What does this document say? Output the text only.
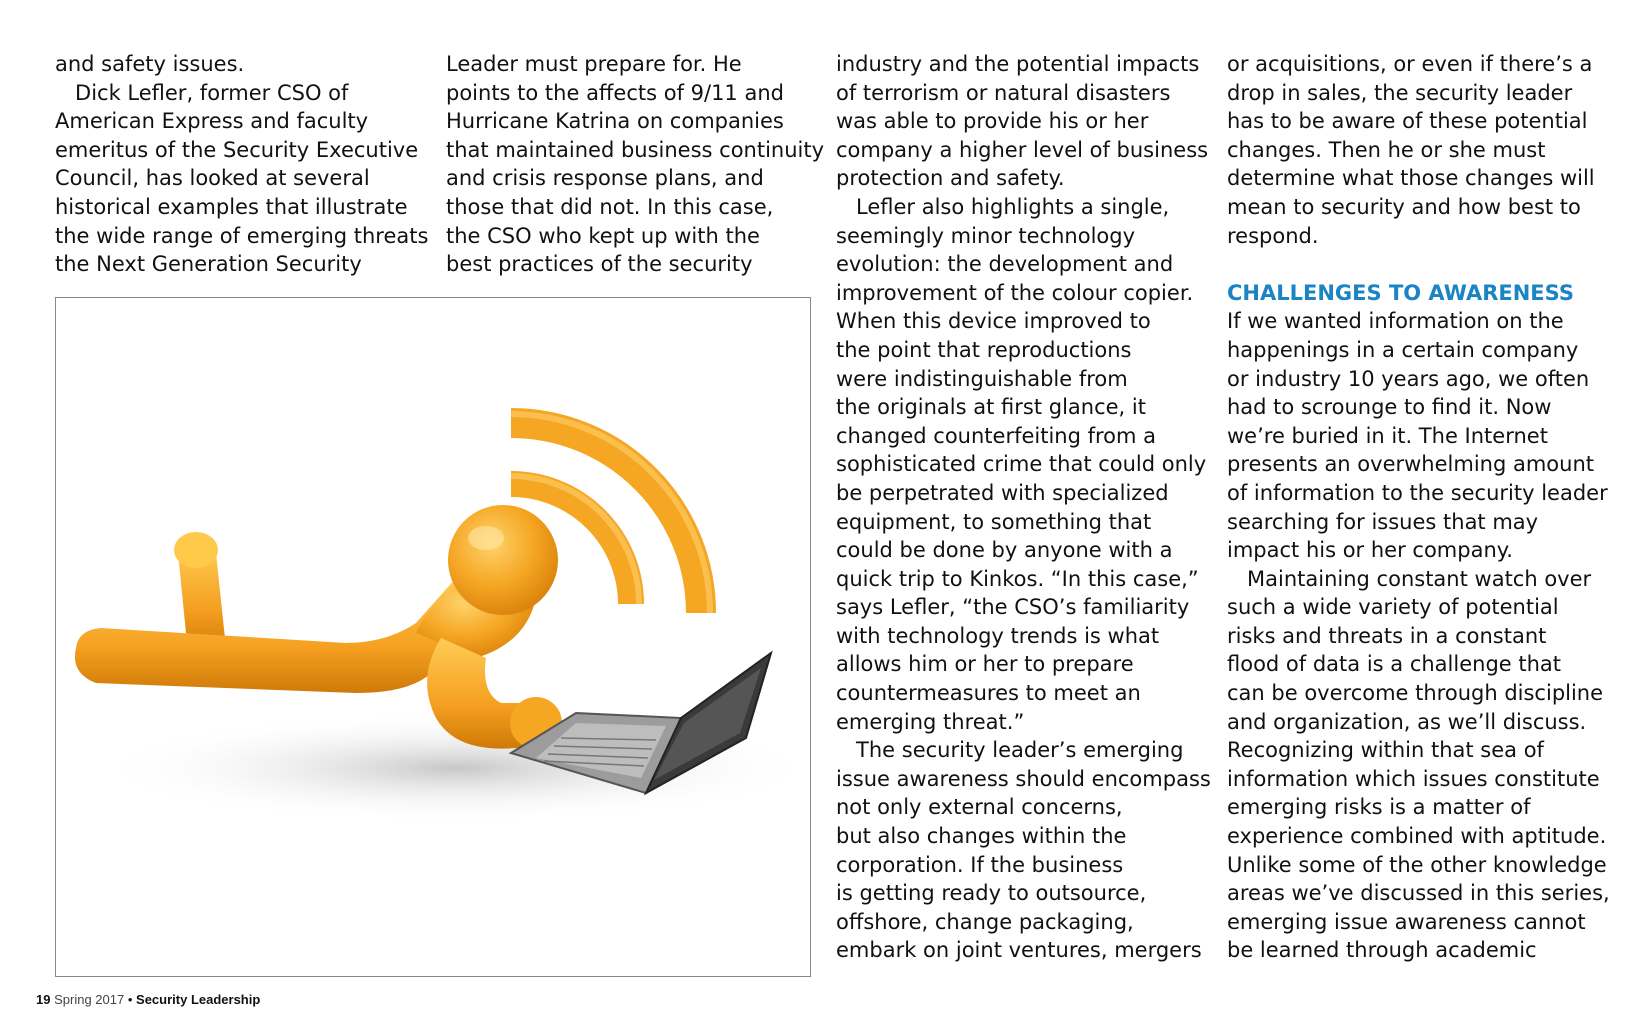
and safety issues.
Dick Lefler, former CSO of
American Express and faculty
emeritus of the Security Executive
Council, has looked at several
historical examples that illustrate
the wide range of emerging threats
the Next Generation Security
Leader must prepare for. He
points to the affects of 9/11 and
Hurricane Katrina on companies
that maintained business continuity
and crisis response plans, and
those that did not. In this case,
the CSO who kept up with the
best practices of the security
industry and the potential impacts
of terrorism or natural disasters
was able to provide his or her
company a higher level of business
protection and safety.
Lefler also highlights a single,
seemingly minor technology
evolution: the development and
improvement of the colour copier.
When this device improved to
the point that reproductions
were indistinguishable from
the originals at first glance, it
changed counterfeiting from a
sophisticated crime that could only
be perpetrated with specialized
equipment, to something that
could be done by anyone with a
quick trip to Kinkos. “In this case,”
says Lefler, “the CSO’s familiarity
with technology trends is what
allows him or her to prepare
countermeasures to meet an
emerging threat.”
The security leader’s emerging
issue awareness should encompass
not only external concerns,
but also changes within the
corporation. If the business
is getting ready to outsource,
offshore, change packaging,
embark on joint ventures, mergers
or acquisitions, or even if there’s a
drop in sales, the security leader
has to be aware of these potential
changes. Then he or she must
determine what those changes will
mean to security and how best to
respond.
CHALLENGES TO AWARENESS
If we wanted information on the
happenings in a certain company
or industry 10 years ago, we often
had to scrounge to find it. Now
we’re buried in it. The Internet
presents an overwhelming amount
of information to the security leader
searching for issues that may
impact his or her company.
Maintaining constant watch over
such a wide variety of potential
risks and threats in a constant
flood of data is a challenge that
can be overcome through discipline
and organization, as we’ll discuss.
Recognizing within that sea of
information which issues constitute
emerging risks is a matter of
experience combined with aptitude.
Unlike some of the other knowledge
areas we’ve discussed in this series,
emerging issue awareness cannot
be learned through academic
19 Spring 2017 • Security Leadership
